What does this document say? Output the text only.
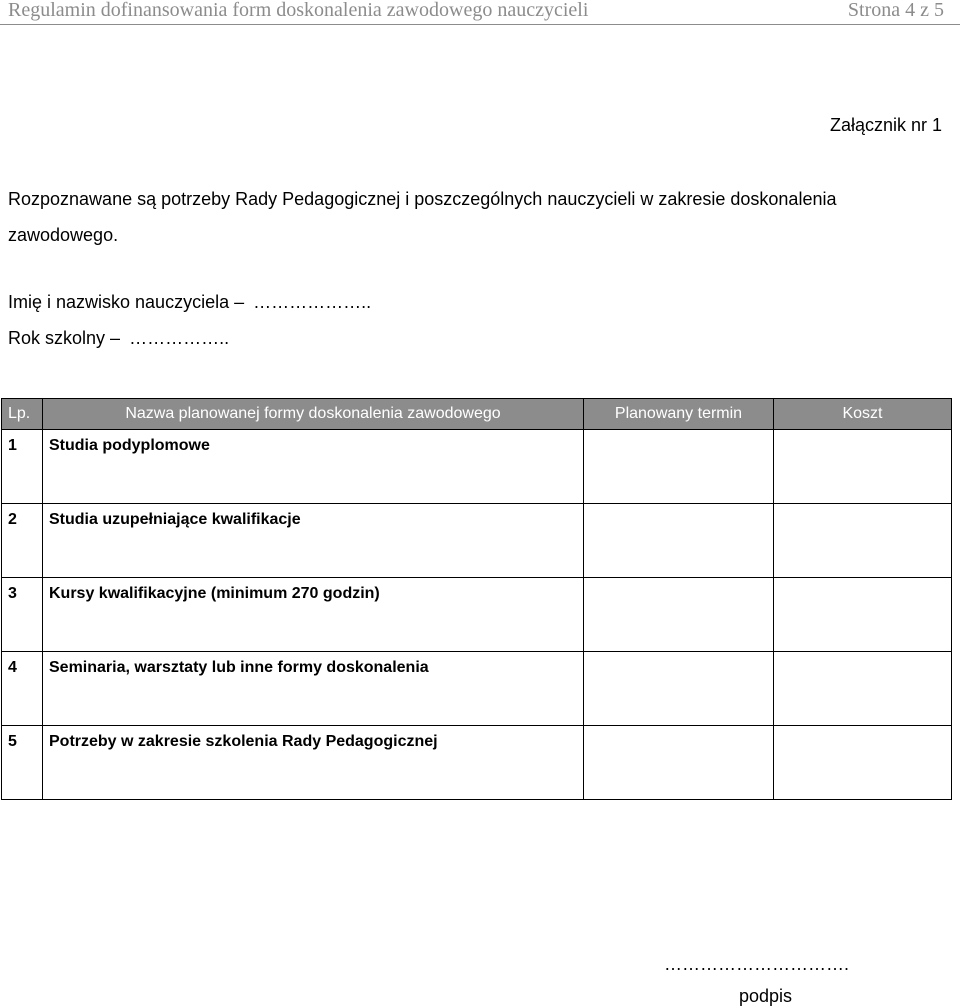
Regulamin dofinansowania form doskonalenia zawodowego nauczycieli	Strona 4 z 5
Załącznik nr 1
Rozpoznawane są potrzeby Rady Pedagogicznej i poszczególnych nauczycieli w zakresie doskonalenia zawodowego.
Imię i nazwisko nauczyciela – ………………..
Rok szkolny – ……………..
Lp.	Nazwa planowanej formy doskonalenia zawodowego	Planowany termin	Koszt

1	Studia podyplomowe		

2	Studia uzupełniające kwalifikacje		

3	Kursy kwalifikacyjne (minimum 270 godzin)		

4	Seminaria, warsztaty lub inne formy doskonalenia		

5	Potrzeby w zakresie szkolenia Rady Pedagogicznej		

………………………….
podpis
